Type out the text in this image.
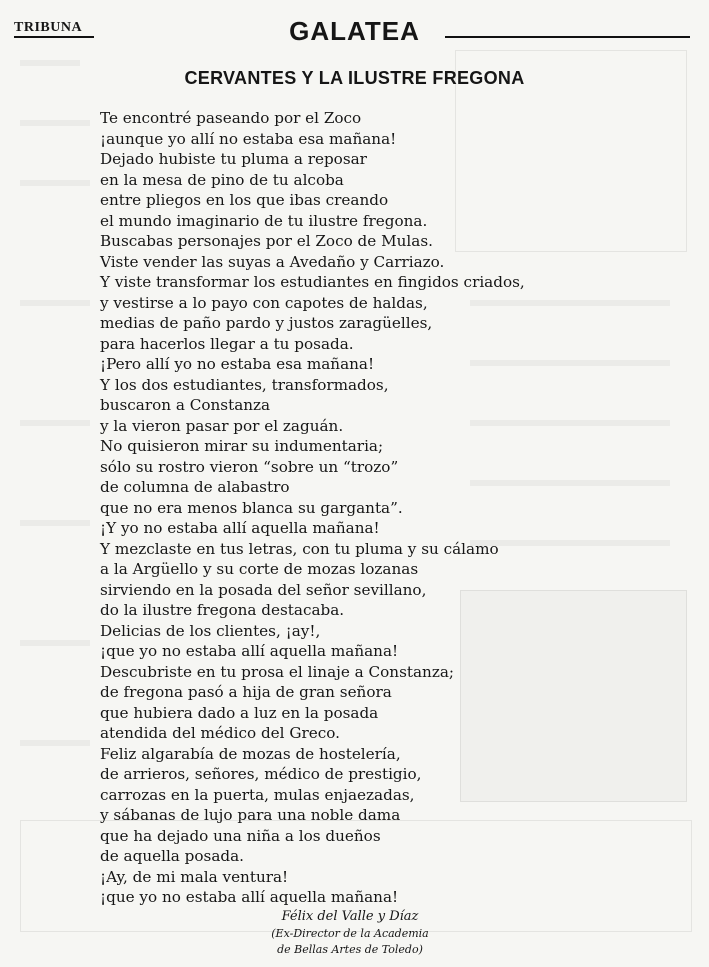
TRIBUNA	GALATEA
CERVANTES Y LA ILUSTRE FREGONA
Te encontré paseando por el Zoco
¡aunque yo allí no estaba esa mañana!
Dejado hubiste tu pluma a reposar
en la mesa de pino de tu alcoba
entre pliegos en los que ibas creando
el mundo imaginario de tu ilustre fregona.
Buscabas personajes por el Zoco de Mulas.
Viste vender las suyas a Avedaño y Carriazo.
Y viste transformar los estudiantes en fingidos criados,
y vestirse a lo payo con capotes de haldas,
medias de paño pardo y justos zaragüelles,
para hacerlos llegar a tu posada.
¡Pero allí yo no estaba esa mañana!
Y los dos estudiantes, transformados,
buscaron a Constanza
y la vieron pasar por el zaguán.
No quisieron mirar su indumentaria;
sólo su rostro vieron “sobre un “trozo”
de columna de alabastro
que no era menos blanca su garganta”.
¡Y yo no estaba allí aquella mañana!
Y mezclaste en tus letras, con tu pluma y su cálamo
a la Argüello y su corte de mozas lozanas
sirviendo en la posada del señor sevillano,
do la ilustre fregona destacaba.
Delicias de los clientes, ¡ay!,
¡que yo no estaba allí aquella mañana!
Descubriste en tu prosa el linaje a Constanza;
de fregona pasó a hija de gran señora
que hubiera dado a luz en la posada
atendida del médico del Greco.
Feliz algarabía de mozas de hostelería,
de arrieros, señores, médico de prestigio,
carrozas en la puerta, mulas enjaezadas,
y sábanas de lujo para una noble dama
que ha dejado una niña a los dueños
de aquella posada.
¡Ay, de mi mala ventura!
¡que yo no estaba allí aquella mañana!
Félix del Valle y Díaz
(Ex-Director de la Academia
de Bellas Artes de Toledo)
